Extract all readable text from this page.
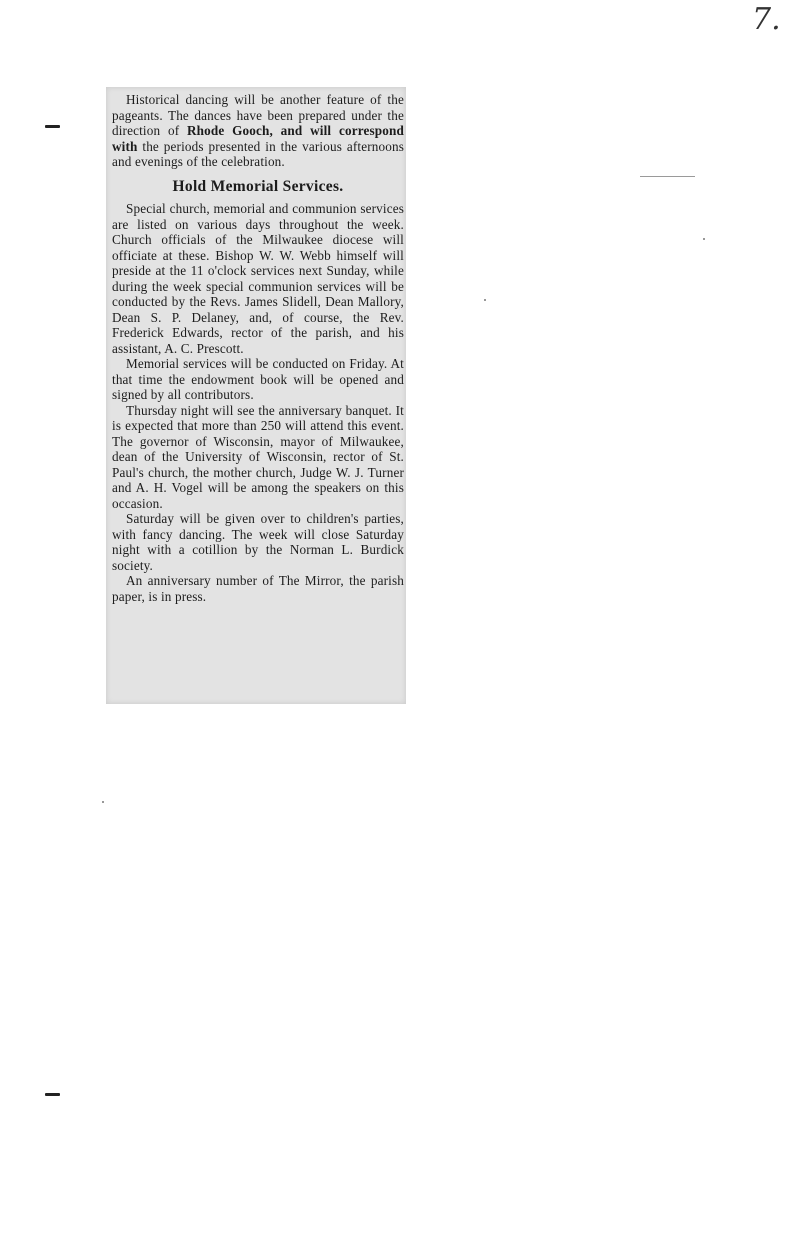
7.

Historical dancing will be another feature of the pageants. The dances have been prepared under the direction of Rhode Gooch, and will correspond with the periods presented in the various afternoons and evenings of the celebration.

Hold Memorial Services.

Special church, memorial and communion services are listed on various days throughout the week. Church officials of the Milwaukee diocese will officiate at these. Bishop W. W. Webb himself will preside at the 11 o'clock services next Sunday, while during the week special communion services will be conducted by the Revs. James Slidell, Dean Mallory, Dean S. P. Delaney, and, of course, the Rev. Frederick Edwards, rector of the parish, and his assistant, A. C. Prescott.

Memorial services will be conducted on Friday. At that time the endowment book will be opened and signed by all contributors.

Thursday night will see the anniversary banquet. It is expected that more than 250 will attend this event. The governor of Wisconsin, mayor of Milwaukee, dean of the University of Wisconsin, rector of St. Paul's church, the mother church, Judge W. J. Turner and A. H. Vogel will be among the speakers on this occasion.

Saturday will be given over to children's parties, with fancy dancing. The week will close Saturday night with a cotillion by the Norman L. Burdick society.

An anniversary number of The Mirror, the parish paper, is in press.
